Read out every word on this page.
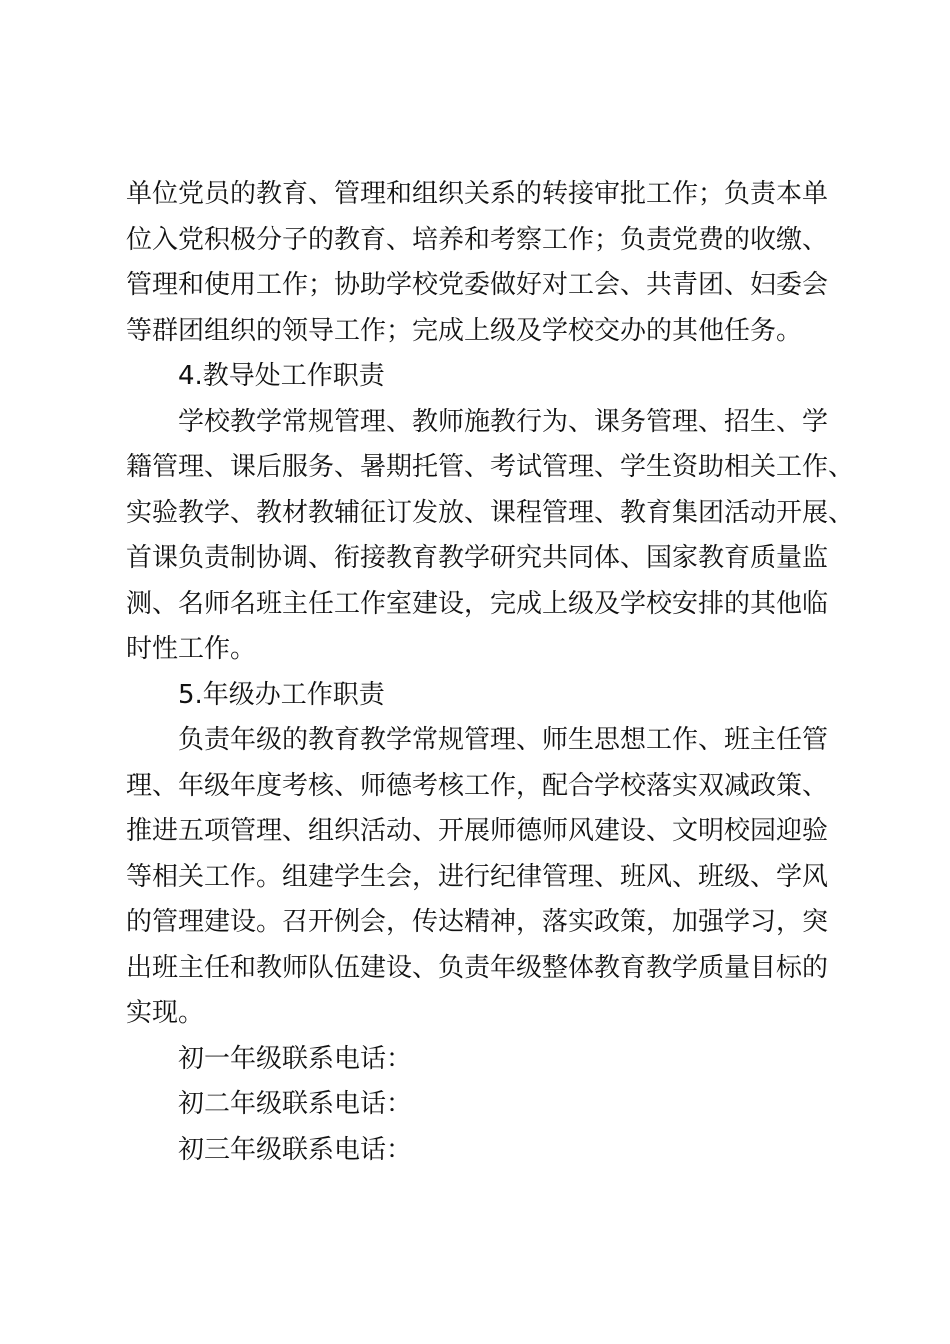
单位党员的教育、管理和组织关系的转接审批工作；负责本单
位入党积极分子的教育、培养和考察工作；负责党费的收缴、
管理和使用工作；协助学校党委做好对工会、共青团、妇委会
等群团组织的领导工作；完成上级及学校交办的其他任务。
4.教导处工作职责
学校教学常规管理、教师施教行为、课务管理、招生、学
籍管理、课后服务、暑期托管、考试管理、学生资助相关工作、
实验教学、教材教辅征订发放、课程管理、教育集团活动开展、
首课负责制协调、衔接教育教学研究共同体、国家教育质量监
测、名师名班主任工作室建设，完成上级及学校安排的其他临
时性工作。
5.年级办工作职责
负责年级的教育教学常规管理、师生思想工作、班主任管
理、年级年度考核、师德考核工作，配合学校落实双减政策、
推进五项管理、组织活动、开展师德师风建设、文明校园迎验
等相关工作。组建学生会，进行纪律管理、班风、班级、学风
的管理建设。召开例会，传达精神，落实政策，加强学习，突
出班主任和教师队伍建设、负责年级整体教育教学质量目标的
实现。
初一年级联系电话：
初二年级联系电话：
初三年级联系电话：
